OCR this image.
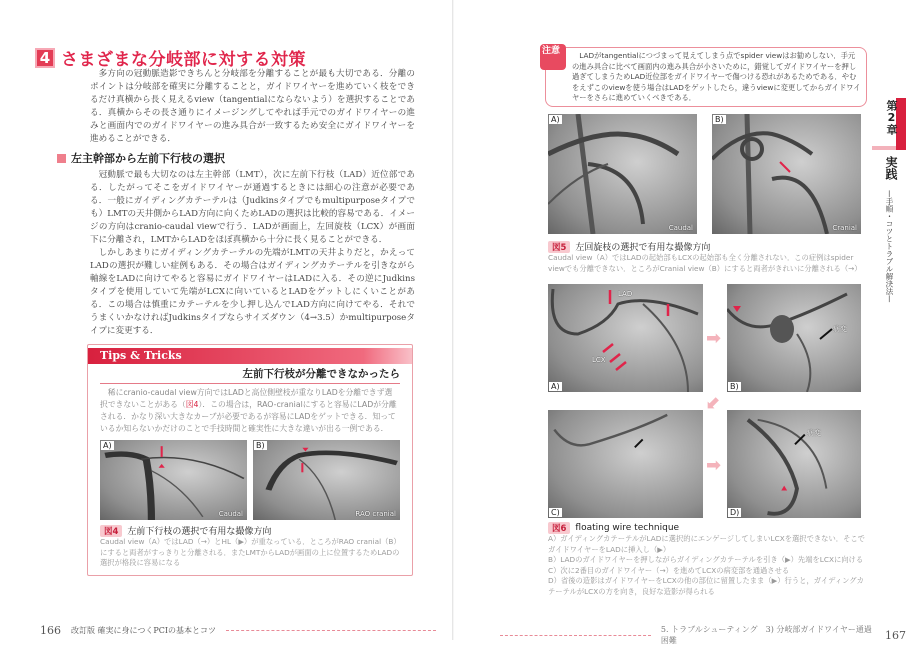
4 さまざまな分岐部に対する対策
多方向の冠動脈造影できちんと分岐部を分離することが最も大切である．分離のポイントは分岐部を確実に分離することと，ガイドワイヤーを進めていく枝をできるだけ真横から長く見えるview（tangentialにならないよう）を選択することである．真横からその長さ通りにイメージングしてやれば手元でのガイドワイヤーの進みと画面内でのガイドワイヤーの進み具合が一致するため安全にガイドワイヤーを進めることができる．
左主幹部から左前下行枝の選択
冠動脈で最も大切なのは左主幹部（LMT），次に左前下行枝（LAD）近位部である．したがってそこをガイドワイヤーが通過するときには細心の注意が必要である．一般にガイディングカテーテルは（Judkinsタイプでもmultipurposeタイプでも）LMTの天井側からLAD方向に向くためLADの選択は比較的容易である．イメージの方向はcranio-caudal viewで行う．LADが画面上，左回旋枝（LCX）が画面下に分離され，LMTからLADをほぼ真横から十分に長く見ることができる．
しかしあまりにガイディングカテーテルの先端がLMTの天井よりだと，かえってLADの選択が難しい症例もある．その場合はガイディングカテーテルを引きながら軸線をLADに向けてやると容易にガイドワイヤーはLADに入る．その逆にJudkinsタイプを使用していて先端がLCXに向いているとLADをゲットしにくいことがある．この場合は慎重にカテーテルを少し押し込んでLAD方向に向けてやる．それでうまくいかなければJudkinsタイプならサイズダウン（4→3.5）かmultipurposeタイプに変更する．
Tips & Tricks
左前下行枝が分離できなかったら
稀にcranio-caudal view方向ではLADと高位側壁枝が重なりLADを分離できず選択できないことがある（図4）．この場合は，RAO-cranialにすると容易にLADが分離される．かなり深い大きなカーブが必要であるが容易にLADをゲットできる．知っているか知らないかだけのことで手技時間と確実性に大きな違いが出る一例である．
A)
Caudal
B)
RAO cranial
図4	左前下行枝の選択で有用な撮像方向
Caudal view（A）ではLAD（→）とHL（▶）が重なっている．ところがRAO cranial（B）にすると両者がすっきりと分離される．またLMTからLADが画面の上に位置するためLADの選択が格段に容易になる
166 改訂版 確実に身につくPCIの基本とコツ
注意	LADがtangentialにつづまって見えてしまう点でspider viewはお勧めしない．手元の進み具合に比べて画面内の進み具合が小さいために，錯覚してガイドワイヤーを押し過ぎてしまうためLAD近位部をガイドワイヤーで傷つける恐れがあるためである．やむをえずこのviewを使う場合はLADをゲットしたら，違うviewに変更してからガイドワイヤーをさらに進めていくべきである．
A)
Caudal
B)
Cranial
図5	左回旋枝の選択で有用な撮像方向
Caudal view（A）ではLADの起始部もLCXの起始部も全く分離されない．この症例はspider viewでも分離できない．ところがCranial view（B）にすると両者がきれいに分離される（→）
A)
LAD
LCX
➡
B)
病変
⬋
C)
➡
D)
病変
図6	floating wire technique
A）ガイディングカテーテルがLADに選択的にエンゲージしてしまいLCXを選択できない．そこでガイドワイヤーをLADに挿入し（▶）
B）LADのガイドワイヤーを押しながらガイディングカテーテルを引き（▶）先端をLCXに向ける
C）次に2番目のガイドワイヤー（→）を進めてLCXの病変部を通過させる
D）省後の造影はガイドワイヤーをLCXの他の部位に留置したまま（▶）行うと，ガイディングカテーテルがLCXの方を向き，良好な造影が得られる
第2章
実践
—手順・コツとトラブル解決法—
5. トラブルシューティング　3) 分岐部ガイドワイヤー通過困難	167
